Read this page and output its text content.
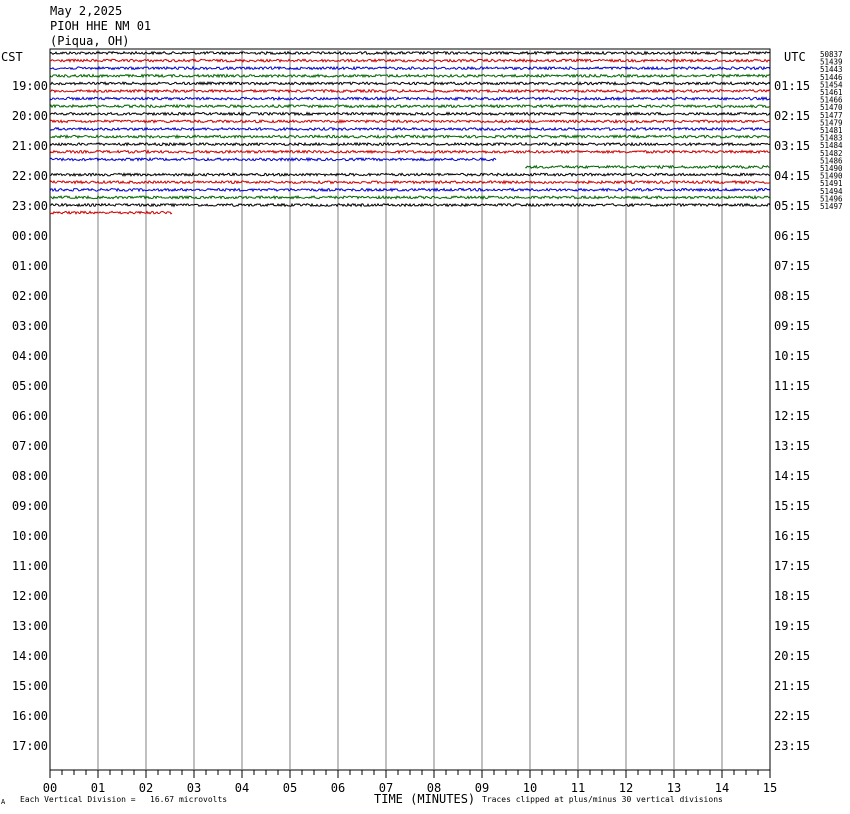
May 2,2025
PIOH HHE NM 01
(Piqua, OH)
CST	UTC
00	01	02	03	04	05	06	07	08	09	10	11	12	13	14	15
19:00
20:00
21:00
22:00
23:00
00:00
01:00
02:00
03:00
04:00
05:00
06:00
07:00
08:00
09:00
10:00
11:00
12:00
13:00
14:00
15:00
16:00
17:00
01:15
02:15
03:15
04:15
05:15
06:15
07:15
08:15
09:15
10:15
11:15
12:15
13:15
14:15
15:15
16:15
17:15
18:15
19:15
20:15
21:15
22:15
23:15
50837
51439
51443
51446
51454
51461
51466
51470
51477
51479
51481
51483
51484
51482
51486
51490
51490
51491
51494
51496
51497
A Each Vertical Division =   16.67 microvolts	TIME (MINUTES) Traces clipped at plus/minus 30 vertical divisions
